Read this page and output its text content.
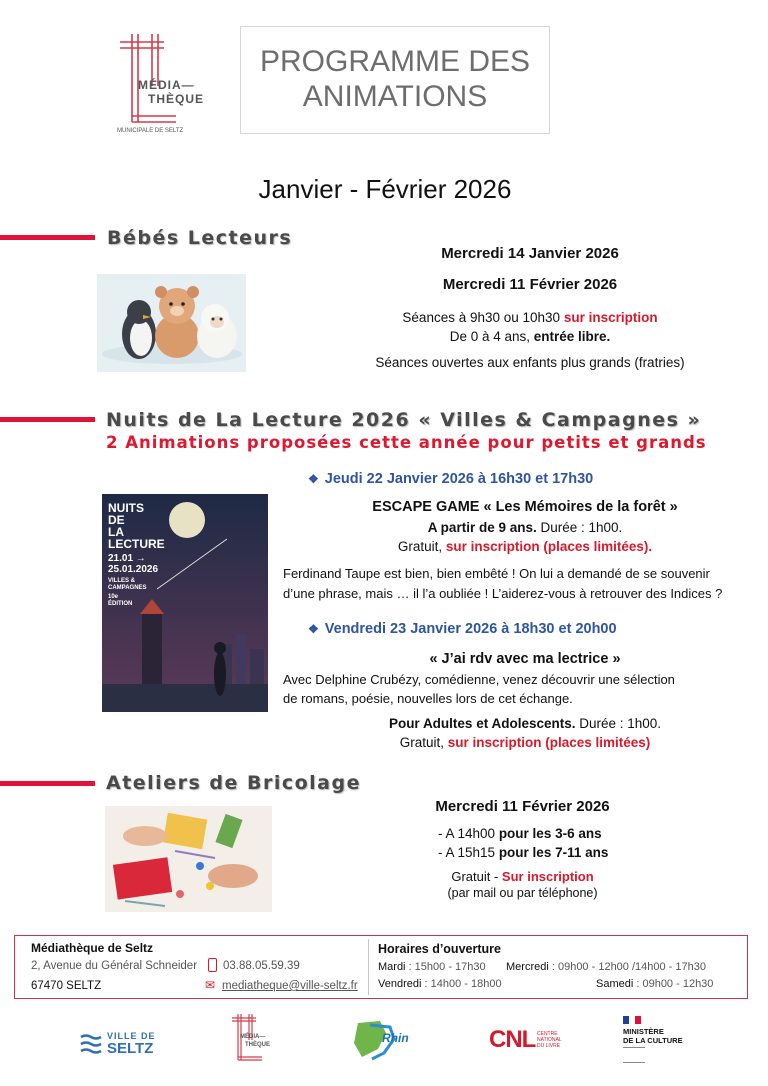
MÉDIA—
THÈQUE
MUNICIPALE DE SELTZ
PROGRAMME DES
ANIMATIONS
Janvier - Février 2026
Bébés Lecteurs
Mercredi 14 Janvier 2026
Mercredi 11 Février 2026
Séances à 9h30 ou 10h30 sur inscription
De 0 à 4 ans, entrée libre.
Séances ouvertes aux enfants plus grands (fratries)
Nuits de La Lecture 2026 « Villes & Campagnes »
2 Animations proposées cette année pour petits et grands
NUITS
DE
LA
LECTURE
21.01 →
25.01.2026
VILLES &
CAMPAGNES
10e
ÉDITION
❖ Jeudi 22 Janvier 2026 à 16h30 et 17h30
ESCAPE GAME « Les Mémoires de la forêt »
A partir de 9 ans. Durée : 1h00.
Gratuit, sur inscription (places limitées).
Ferdinand Taupe est bien, bien embêté ! On lui a demandé de se souvenir
d’une phrase, mais … il l’a oubliée ! L’aiderez-vous à retrouver des Indices ?
❖ Vendredi 23 Janvier 2026 à 18h30 et 20h00
« J’ai rdv avec ma lectrice »
Avec Delphine Crubézy, comédienne, venez découvrir une sélection
de romans, poésie, nouvelles lors de cet échange.
Pour Adultes et Adolescents. Durée : 1h00.
Gratuit, sur inscription (places limitées)
Ateliers de Bricolage
Mercredi 11 Février 2026
- A 14h00 pour les 3-6 ans
- A 15h15 pour les 7-11 ans
Gratuit - Sur inscription
(par mail ou par téléphone)
Médiathèque de Seltz
2, Avenue du Général Schneider
67470 SELTZ
03.88.05.59.39
✉ mediatheque@ville-seltz.fr
Horaires d’ouverture
Mardi : 15h00 - 17h30 Mercredi : 09h00 - 12h00 /14h00 - 17h30
Vendredi : 14h00 - 18h00	Samedi : 09h00 - 12h30
VILLE DE
SELTZ
MÉDIA—
THÈQUE	Rhin	CNL CENTRE NATIONAL DU LIVRE
MINISTÈRE
DE LA CULTURE
